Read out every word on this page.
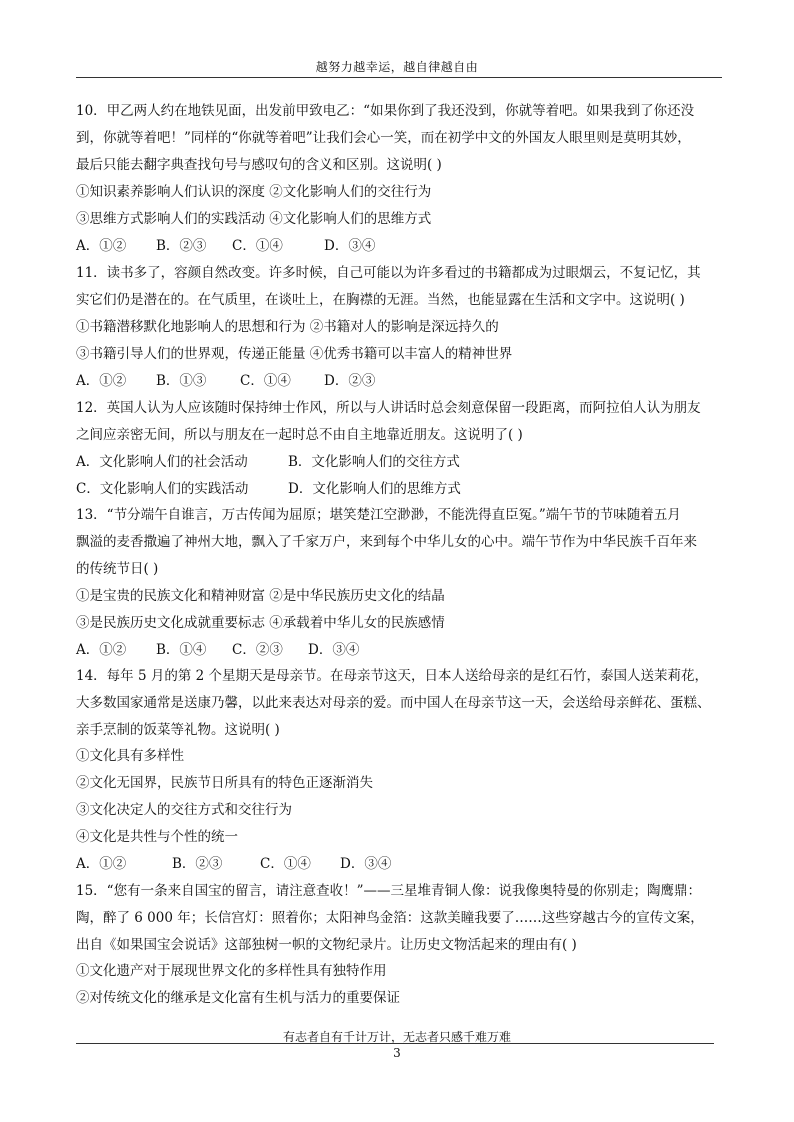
越努力越幸运，越自律越自由
10．甲乙两人约在地铁见面，出发前甲致电乙：“如果你到了我还没到，你就等着吧。如果我到了你还没
到，你就等着吧！”同样的“你就等着吧”让我们会心一笑，而在初学中文的外国友人眼里则是莫明其妙，
最后只能去翻字典查找句号与感叹句的含义和区别。这说明( )
①知识素养影响人们认识的深度 ②文化影响人们的交往行为
③思维方式影响人们的实践活动 ④文化影响人们的思维方式
A．①② B．②③ C．①④	D．③④
11．读书多了，容颜自然改变。许多时候，自己可能以为许多看过的书籍都成为过眼烟云，不复记忆，其
实它们仍是潜在的。在气质里，在谈吐上，在胸襟的无涯。当然，也能显露在生活和文字中。这说明( )
①书籍潜移默化地影响人的思想和行为 ②书籍对人的影响是深远持久的
③书籍引导人们的世界观，传递正能量 ④优秀书籍可以丰富人的精神世界
A．①② B．①③ C．①④ D．②③
12．英国人认为人应该随时保持绅士作风，所以与人讲话时总会刻意保留一段距离，而阿拉伯人认为朋友
之间应亲密无间，所以与朋友在一起时总不由自主地靠近朋友。这说明了( )
A．文化影响人们的社会活动	B．文化影响人们的交往方式
C．文化影响人们的实践活动	D．文化影响人们的思维方式
13．“节分端午自谁言，万古传闻为屈原；堪笑楚江空渺渺，不能洗得直臣冤。”端午节的节味随着五月
飘溢的麦香撒遍了神州大地，飘入了千家万户，来到每个中华儿女的心中。端午节作为中华民族千百年来
的传统节日( )
①是宝贵的民族文化和精神财富 ②是中华民族历史文化的结晶
③是民族历史文化成就重要标志 ④承载着中华儿女的民族感情
A．①② B．①④ C．②③ D．③④
14．每年 5 月的第 2 个星期天是母亲节。在母亲节这天，日本人送给母亲的是红石竹，泰国人送茉莉花，
大多数国家通常是送康乃馨，以此来表达对母亲的爱。而中国人在母亲节这一天，会送给母亲鲜花、蛋糕、
亲手烹制的饭菜等礼物。这说明( )
①文化具有多样性
②文化无国界，民族节日所具有的特色正逐渐消失
③文化决定人的交往方式和交往行为
④文化是共性与个性的统一
A．①②	B．②③	C．①④ D．③④
15．“您有一条来自国宝的留言，请注意查收！”——三星堆青铜人像：说我像奥特曼的你别走；陶鹰鼎：
陶，醉了 6 000 年；长信宫灯：照着你；太阳神鸟金箔：这款美瞳我要了……这些穿越古今的宣传文案，
出自《如果国宝会说话》这部独树一帜的文物纪录片。让历史文物活起来的理由有( )
①文化遗产对于展现世界文化的多样性具有独特作用
②对传统文化的继承是文化富有生机与活力的重要保证
有志者自有千计万计，无志者只感千难万难
3
